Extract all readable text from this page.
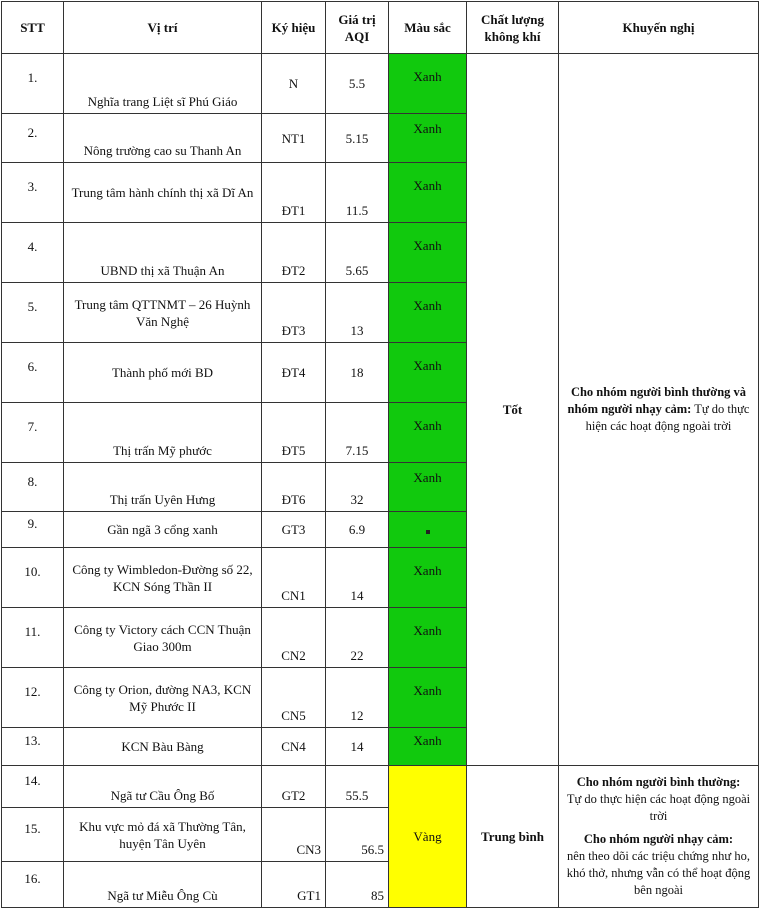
STT	Vị trí	Ký hiệu	Giá trị AQI	Màu sắc	Chất lượng không khí	Khuyến nghị
1.	Nghĩa trang Liệt sĩ Phú Giáo	N	5.5	Xanh	Tốt	Cho nhóm người bình thường và nhóm người nhạy cảm: Tự do thực hiện các hoạt động ngoài trời
2.	Nông trường cao su Thanh An	NT1	5.15	Xanh		
3.	Trung tâm hành chính thị xã Dĩ An	ĐT1	11.5	Xanh		
4.	UBND thị xã Thuận An	ĐT2	5.65	Xanh		
5.	Trung tâm QTTNMT – 26 Huỳnh Văn Nghệ	ĐT3	13	Xanh		
6.	Thành phố mới BD	ĐT4	18	Xanh		
7.	Thị trấn Mỹ phước	ĐT5	7.15	Xanh		
8.	Thị trấn Uyên Hưng	ĐT6	32	Xanh		
9.	Gần ngã 3 cổng xanh	GT3	6.9			
10.	Công ty Wimbledon-Đường số 22, KCN Sóng Thần II	CN1	14	Xanh		
11.	Công ty Victory cách CCN Thuận Giao 300m	CN2	22	Xanh		
12.	Công ty Orion, đường NA3, KCN Mỹ Phước II	CN5	12	Xanh		
13.	KCN Bàu Bàng	CN4	14	Xanh		
14.	Ngã tư Cầu Ông Bố	GT2	55.5	Vàng	Trung bình	Cho nhóm người bình thường:
Tự do thực hiện các hoạt động ngoài trời
Cho nhóm người nhạy cảm:
nên theo dõi các triệu chứng như ho, khó thở, nhưng vẫn có thể hoạt động bên ngoài

15.	Khu vực mỏ đá xã Thường Tân, huyện Tân Uyên	CN3	56.5			
16.	Ngã tư Miễu Ông Cù	GT1	85			
